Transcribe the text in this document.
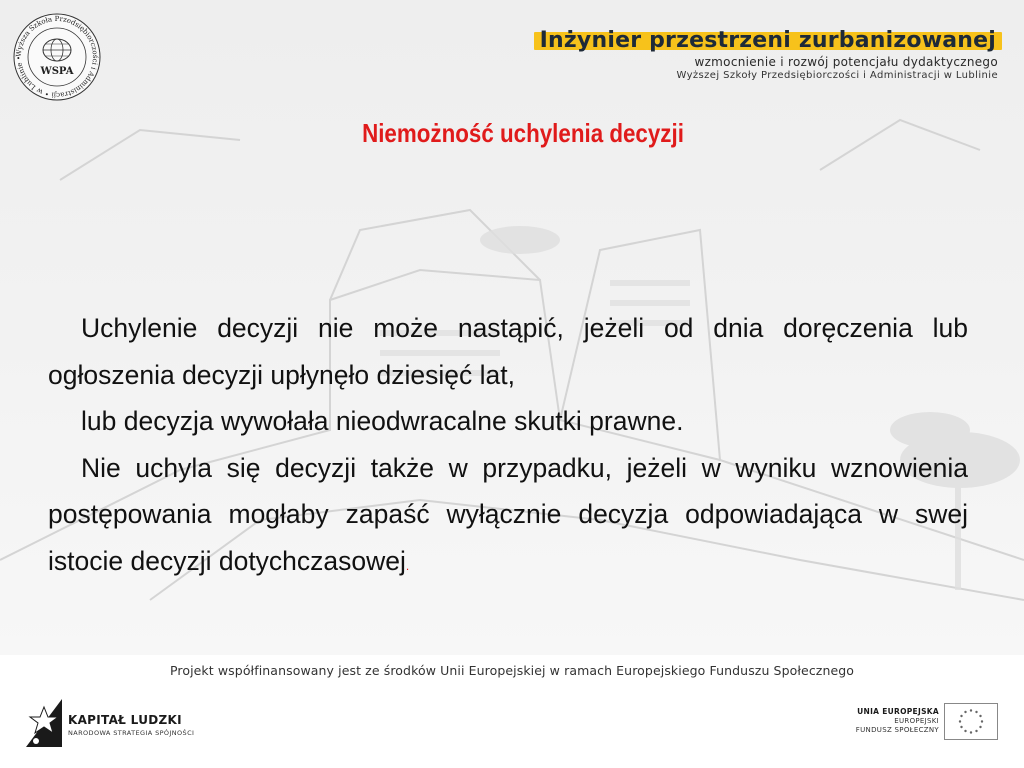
Wyższa Szkoła Przedsiębiorczości i Administracji • w Lublinie •
WSPA
Inżynier przestrzeni zurbanizowanej
wzmocnienie i rozwój potencjału dydaktycznego
Wyższej Szkoły Przedsiębiorczości i Administracji w Lublinie
Niemożność uchylenia decyzji

Uchylenie decyzji nie może nastąpić, jeżeli od dnia doręczenia lub ogłoszenia decyzji upłynęło dziesięć lat,

lub decyzja wywołała nieodwracalne skutki prawne.

Nie uchyla się decyzji także w przypadku, jeżeli w wyniku wznowienia postępowania mogłaby zapaść wyłącznie decyzja odpowiadająca w swej istocie decyzji dotychczasowej.

Projekt współfinansowany jest ze środków Unii Europejskiej w ramach Europejskiego Funduszu Społecznego
KAPITAŁ LUDZKI
NARODOWA STRATEGIA SPÓJNOŚCI
UNIA EUROPEJSKA
EUROPEJSKI
FUNDUSZ SPOŁECZNY
